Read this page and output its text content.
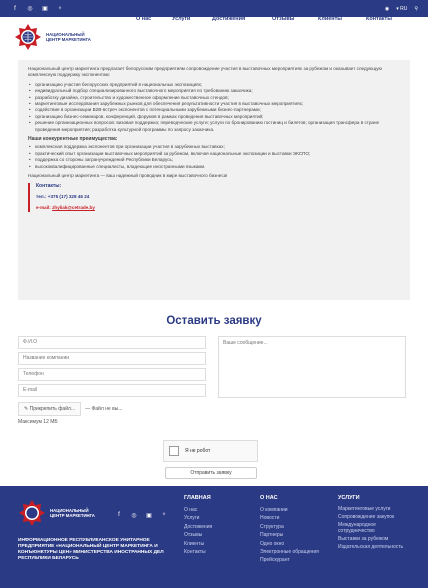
f	◎	▣	♆	◉ ▾ RU ⚲
НАЦИОНАЛЬНЫЙ
ЦЕНТР МАРКЕТИНГА
О нас	Услуги	Достижения	Отзывы	Клиенты	Контакты

Национальный центр маркетинга предлагает белорусским предприятиям сопровождение участия в выставочных мероприятиях за рубежом и оказывает следующую комплексную поддержку экспонентам:

• организацию участия белорусских предприятий в национальных экспозициях;
• индивидуальный подбор специализированного выставочного мероприятия по требованию заказчика;
• разработку дизайна, строительство и художественное оформление выставочных стендов;
• маркетинговые исследования зарубежных рынков для обеспечения результативности участия в выставочных мероприятиях;
• содействие в организации B2B-встреч экспонентов с потенциальными зарубежными бизнес-партнерами;
• организацию бизнес-семинаров, конференций, форумов в рамках проведения выставочных мероприятий;
• решение организационных вопросов: визовая поддержка; переводческие услуги; услуги по бронированию гостиниц и билетов; организация трансфера в стране проведения мероприятия; разработка культурной программы по запросу заказчика.
Наши конкурентные преимущества:
• комплексная поддержка экспонентов при организации участия в зарубежных выставках;
• практический опыт организации выставочных мероприятий за рубежом, включая национальные экспозиции и выставки ЭКСПО;
• поддержка со стороны загранучреждений Республики Беларусь;
• высококвалифицированные специалисты, владеющие иностранными языками.

Национальный центр маркетинга — ваш надежный проводник в мире выставочного бизнеса!

Контакты:
тел.: +375 (17) 328 46 24
e-mail: zhyliak@cetrade.by
Оставить заявку
Ф.И.О
Название компании
Телефон
E-mail
Ваше сообщение...
✎ Прикрепить файл...	— Файл не вы...
Максимум 12 МБ
Я не робот
Отправить заявку
НАЦИОНАЛЬНЫЙ
ЦЕНТР МАРКЕТИНГА	f	◎	▣	♆
ИНФОРМАЦИОННОЕ РЕСПУБЛИКАНСКОЕ УНИТАРНОЕ ПРЕДПРИЯТИЕ «НАЦИОНАЛЬНЫЙ ЦЕНТР МАРКЕТИНГА И КОНЪЮНКТУРЫ ЦЕН» МИНИСТЕРСТВА ИНОСТРАННЫХ ДЕЛ РЕСПУБЛИКИ БЕЛАРУСЬ
ГЛАВНАЯ
О нас
Услуги
Достижения
Отзывы
Клиенты
Контакты
О НАС
О компании
Новости
Структура
Партнеры
Одно окно
Электронные обращения
Прейскурант
УСЛУГИ
Маркетинговые услуги
Сопровождение закупок
Международное сотрудничество
Выставки за рубежом
Издательская деятельность
